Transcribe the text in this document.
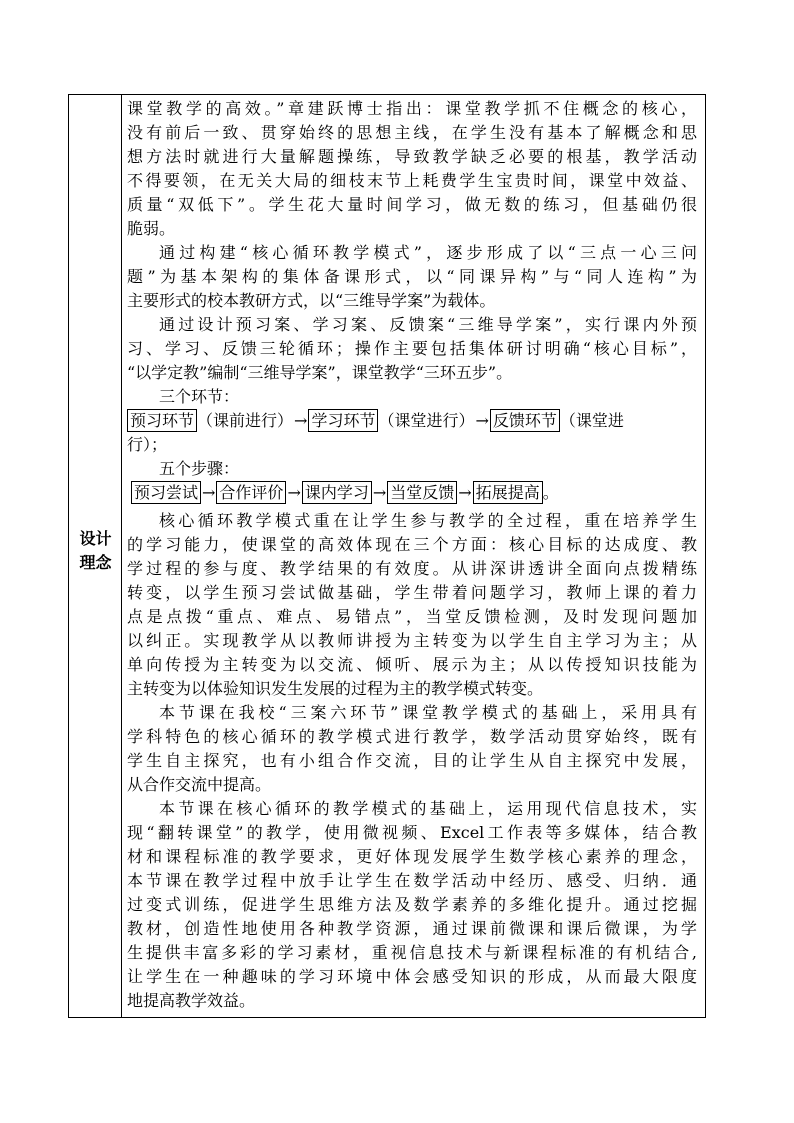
设计
理念
课堂教学的高效。”章建跃博士指出：课堂教学抓不住概念的核心，
没有前后一致、贯穿始终的思想主线，在学生没有基本了解概念和思
想方法时就进行大量解题操练，导致教学缺乏必要的根基，教学活动
不得要领，在无关大局的细枝末节上耗费学生宝贵时间，课堂中效益、
质量“双低下”。学生花大量时间学习，做无数的练习，但基础仍很
脆弱。
通过构建“核心循环教学模式”，逐步形成了以“三点一心三问
题”为基本架构的集体备课形式，以“同课异构”与“同人连构”为
主要形式的校本教研方式，以“三维导学案”为载体。
通过设计预习案、学习案、反馈案“三维导学案”，实行课内外预
习、学习、反馈三轮循环；操作主要包括集体研讨明确“核心目标”，
“以学定教”编制“三维导学案”，课堂教学“三环五步”。
三个环节：
预习环节 （课前进行）→ 学习环节 （课堂进行）→ 反馈环节 （课堂进
行）；
五个步骤：
预习尝试 → 合作评价 → 课内学习 → 当堂反馈 → 拓展提高 。
核心循环教学模式重在让学生参与教学的全过程，重在培养学生
的学习能力，使课堂的高效体现在三个方面：核心目标的达成度、教
学过程的参与度、教学结果的有效度。从讲深讲透讲全面向点拨精练
转变，以学生预习尝试做基础，学生带着问题学习，教师上课的着力
点是点拨“重点、难点、易错点”，当堂反馈检测，及时发现问题加
以纠正。实现教学从以教师讲授为主转变为以学生自主学习为主；从
单向传授为主转变为以交流、倾听、展示为主；从以传授知识技能为
主转变为以体验知识发生发展的过程为主的教学模式转变。
本节课在我校“三案六环节”课堂教学模式的基础上，采用具有
学科特色的核心循环的教学模式进行教学，数学活动贯穿始终，既有
学生自主探究，也有小组合作交流，目的让学生从自主探究中发展，
从合作交流中提高。
本节课在核心循环的教学模式的基础上，运用现代信息技术，实
现“翻转课堂”的教学，使用微视频、Excel工作表等多媒体，结合教
材和课程标准的教学要求，更好体现发展学生数学核心素养的理念，
本节课在教学过程中放手让学生在数学活动中经历、感受、归纳．通
过变式训练，促进学生思维方法及数学素养的多维化提升。通过挖掘
教材，创造性地使用各种教学资源，通过课前微课和课后微课，为学
生提供丰富多彩的学习素材，重视信息技术与新课程标准的有机结合,
让学生在一种趣味的学习环境中体会感受知识的形成，从而最大限度
地提高教学效益。
